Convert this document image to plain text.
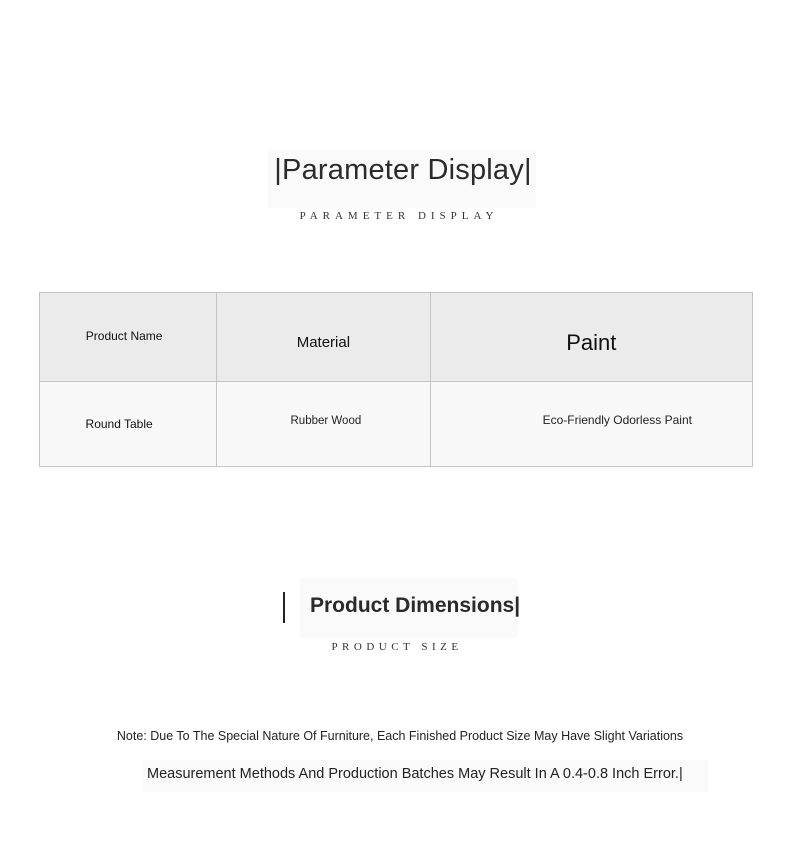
|Parameter Display|
PARAMETER DISPLAY
Product Name	Material	Paint
Round Table	Rubber Wood	Eco-Friendly Odorless Paint
Product Dimensions|
PRODUCT SIZE
Note: Due To The Special Nature Of Furniture, Each Finished Product Size May Have Slight Variations
Measurement Methods And Production Batches May Result In A 0.4-0.8 Inch Error.|
